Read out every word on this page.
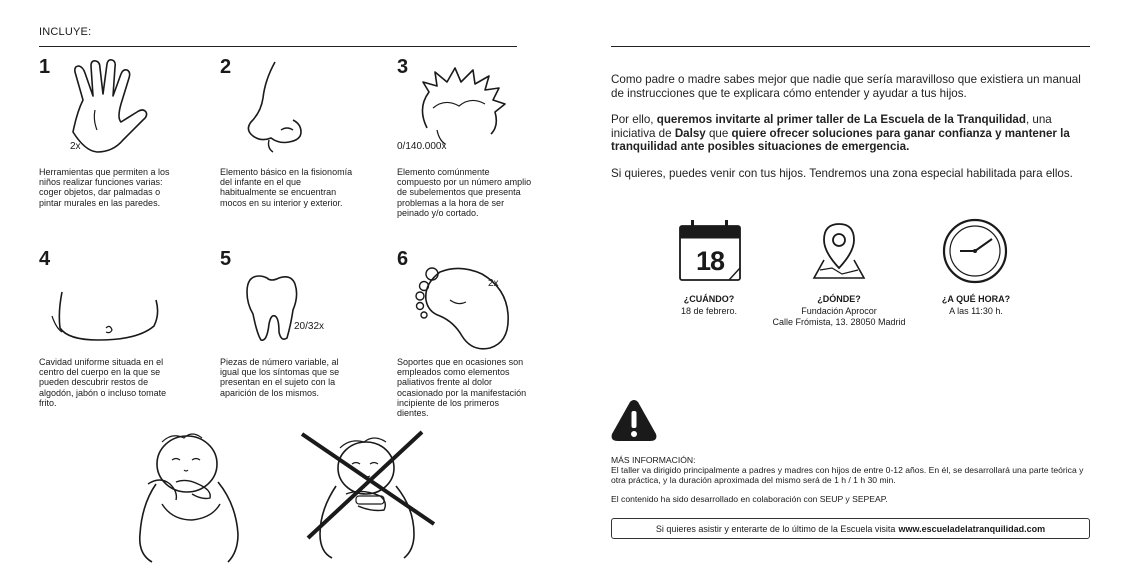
INCLUYE:
1
2x
Herramientas que permiten a los niños realizar funciones varias: coger objetos, dar palmadas o pintar murales en las paredes.
2
Elemento básico en la fisionomía del infante en el que habitualmente se encuentran mocos en su interior y exterior.
3
0/140.000x
Elemento comúnmente compuesto por un número amplio de subelementos que presenta problemas a la hora de ser peinado y/o cortado.
4
Cavidad uniforme situada en el centro del cuerpo en la que se pueden descubrir restos de algodón, jabón o incluso tomate frito.
5
20/32x
Piezas de número variable, al igual que los síntomas que se presentan en el sujeto con la aparición de los mismos.
6
2x
Soportes que en ocasiones son empleados como elementos paliativos frente al dolor ocasionado por la manifestación incipiente de los primeros dientes.
Como padre o madre sabes mejor que nadie que sería maravilloso que existiera un manual de instrucciones que te explicara cómo entender y ayudar a tus hijos.
Por ello, queremos invitarte al primer taller de La Escuela de la Tranquilidad, una iniciativa de Dalsy que quiere ofrecer soluciones para ganar confianza y mantener la tranquilidad ante posibles situaciones de emergencia.
Si quieres, puedes venir con tus hijos. Tendremos una zona especial habilitada para ellos.
18
¿CUÁNDO?
18 de febrero.
¿DÓNDE?
Fundación Aprocor
Calle Frómista, 13. 28050 Madrid
¿A QUÉ HORA?
A las 11:30 h.
MÁS INFORMACIÓN:
El taller va dirigido principalmente a padres y madres con hijos de entre 0-12 años. En él, se desarrollará una parte teórica y otra práctica, y la duración aproximada del mismo será de 1 h / 1 h 30 min.
El contenido ha sido desarrollado en colaboración con SEUP y SEPEAP.
Si quieres asistir y enterarte de lo último de la Escuela visita www.escueladelatranquilidad.com
